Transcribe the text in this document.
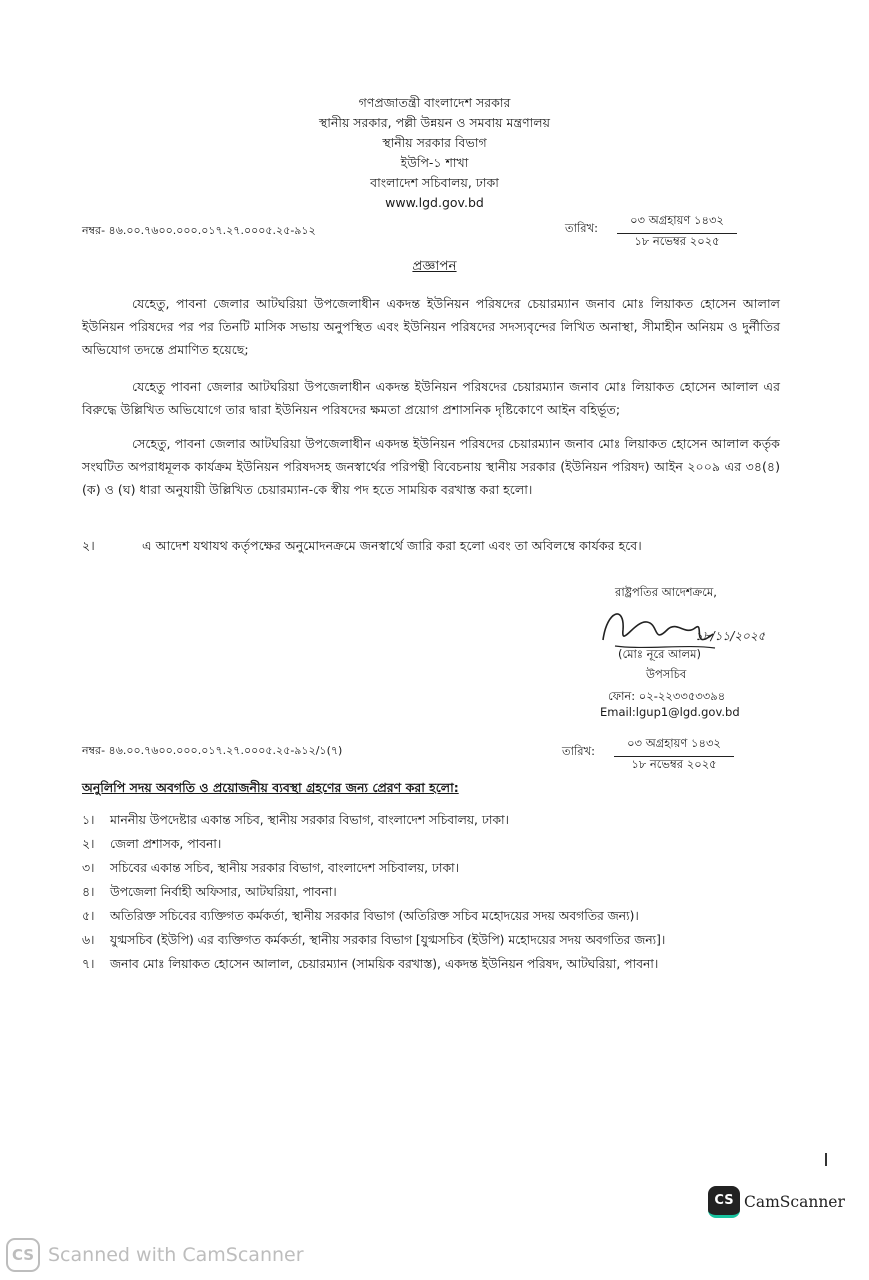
গণপ্রজাতন্ত্রী বাংলাদেশ সরকার
স্থানীয় সরকার, পল্লী উন্নয়ন ও সমবায় মন্ত্রণালয়
স্থানীয় সরকার বিভাগ
ইউপি-১ শাখা
বাংলাদেশ সচিবালয়, ঢাকা
www.lgd.gov.bd
নম্বর- ৪৬.০০.৭৬০০.০০০.০১৭.২৭.০০০৫.২৫-৯১২	তারিখ:
০৩ অগ্রহায়ণ ১৪৩২
১৮ নভেম্বর ২০২৫
প্রজ্ঞাপন
যেহেতু, পাবনা জেলার আটঘরিয়া উপজেলাধীন একদন্ত ইউনিয়ন পরিষদের চেয়ারম্যান জনাব মোঃ লিয়াকত হোসেন আলাল ইউনিয়ন পরিষদের পর পর তিনটি মাসিক সভায় অনুপস্থিত এবং ইউনিয়ন পরিষদের সদস্যবৃন্দের লিখিত অনাস্থা, সীমাহীন অনিয়ম ও দুর্নীতির অভিযোগ তদন্তে প্রমাণিত হয়েছে;
যেহেতু পাবনা জেলার আটঘরিয়া উপজেলাধীন একদন্ত ইউনিয়ন পরিষদের চেয়ারম্যান জনাব মোঃ লিয়াকত হোসেন আলাল এর বিরুদ্ধে উল্লিখিত অভিযোগে তার দ্বারা ইউনিয়ন পরিষদের ক্ষমতা প্রয়োগ প্রশাসনিক দৃষ্টিকোণে আইন বহির্ভূত;
সেহেতু, পাবনা জেলার আটঘরিয়া উপজেলাধীন একদন্ত ইউনিয়ন পরিষদের চেয়ারম্যান জনাব মোঃ লিয়াকত হোসেন আলাল কর্তৃক সংঘটিত অপরাধমূলক কার্যক্রম ইউনিয়ন পরিষদসহ জনস্বার্থের পরিপন্থী বিবেচনায় স্থানীয় সরকার (ইউনিয়ন পরিষদ) আইন ২০০৯ এর ৩৪(৪) (ক) ও (ঘ) ধারা অনুযায়ী উল্লিখিত চেয়ারম্যান-কে স্বীয় পদ হতে সাময়িক বরখাস্ত করা হলো।
২।	এ আদেশ যথাযথ কর্তৃপক্ষের অনুমোদনক্রমে জনস্বার্থে জারি করা হলো এবং তা অবিলম্বে কার্যকর হবে।
রাষ্ট্রপতির আদেশক্রমে,
১৮/১১/২০২৫
(মোঃ নূরে আলম)
উপসচিব
ফোন: ০২-২২৩৩৫৩৩৯৪
Email:lgup1@lgd.gov.bd
নম্বর- ৪৬.০০.৭৬০০.০০০.০১৭.২৭.০০০৫.২৫-৯১২/১(৭)	তারিখ:
০৩ অগ্রহায়ণ ১৪৩২
১৮ নভেম্বর ২০২৫
অনুলিপি সদয় অবগতি ও প্রয়োজনীয় ব্যবস্থা গ্রহণের জন্য প্রেরণ করা হলো:
১। মাননীয় উপদেষ্টার একান্ত সচিব, স্থানীয় সরকার বিভাগ, বাংলাদেশ সচিবালয়, ঢাকা।
২। জেলা প্রশাসক, পাবনা।
৩। সচিবের একান্ত সচিব, স্থানীয় সরকার বিভাগ, বাংলাদেশ সচিবালয়, ঢাকা।
৪। উপজেলা নির্বাহী অফিসার, আটঘরিয়া, পাবনা।
৫। অতিরিক্ত সচিবের ব্যক্তিগত কর্মকর্তা, স্থানীয় সরকার বিভাগ (অতিরিক্ত সচিব মহোদয়ের সদয় অবগতির জন্য)।
৬। যুগ্মসচিব (ইউপি) এর ব্যক্তিগত কর্মকর্তা, স্থানীয় সরকার বিভাগ [যুগ্মসচিব (ইউপি) মহোদয়ের সদয় অবগতির জন্য]।
৭। জনাব মোঃ লিয়াকত হোসেন আলাল, চেয়ারম্যান (সাময়িক বরখাস্ত), একদন্ত ইউনিয়ন পরিষদ, আটঘরিয়া, পাবনা।
CS CamScanner
CS Scanned with CamScanner
